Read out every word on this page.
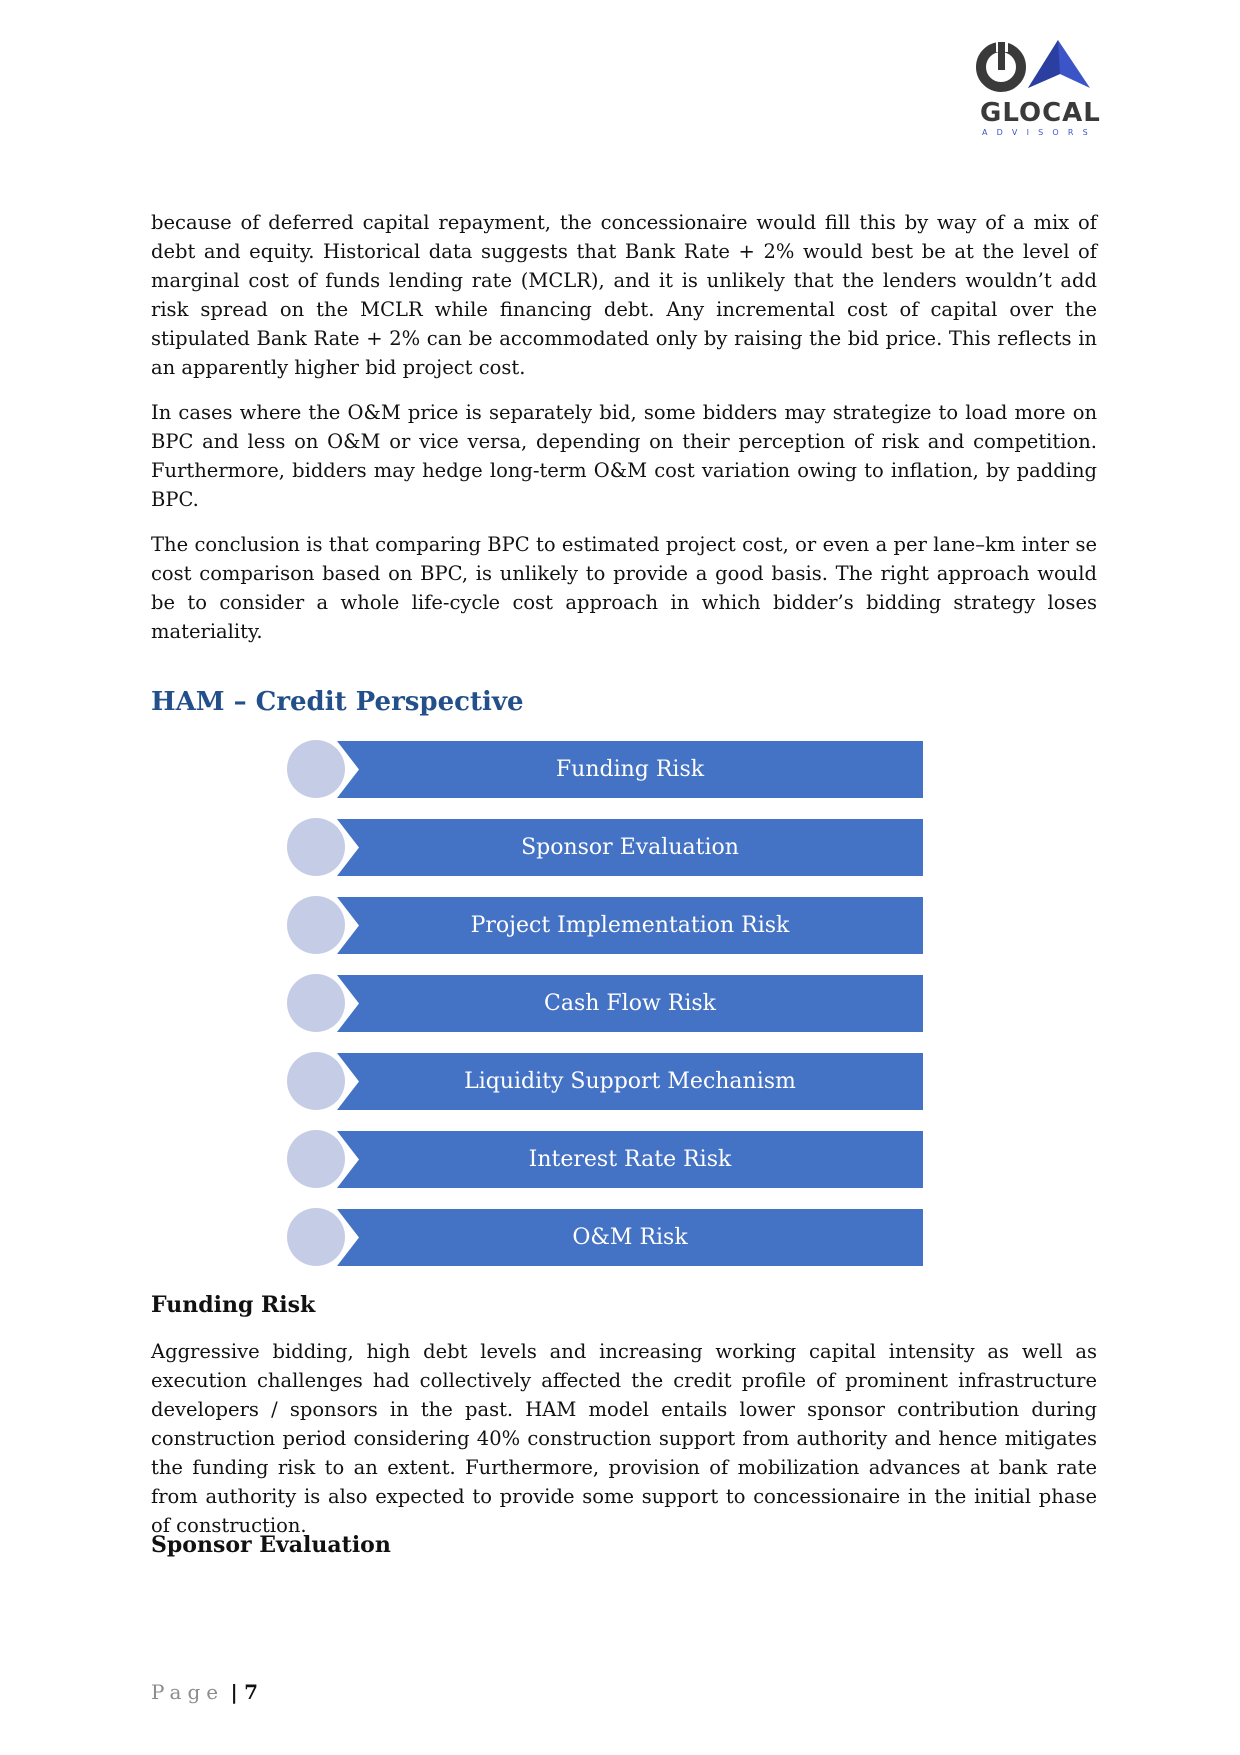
GLOCAL
ADVISORS

because of deferred capital repayment, the concessionaire would fill this by way of a mix of debt and equity. Historical data suggests that Bank Rate + 2% would best be at the level of marginal cost of funds lending rate (MCLR), and it is unlikely that the lenders wouldn’t add risk spread on the MCLR while financing debt. Any incremental cost of capital over the stipulated Bank Rate + 2% can be accommodated only by raising the bid price. This reflects in an apparently higher bid project cost.

In cases where the O&M price is separately bid, some bidders may strategize to load more on BPC and less on O&M or vice versa, depending on their perception of risk and competition. Furthermore, bidders may hedge long-term O&M cost variation owing to inflation, by padding BPC.

The conclusion is that comparing BPC to estimated project cost, or even a per lane–km inter se cost comparison based on BPC, is unlikely to provide a good basis. The right approach would be to consider a whole life-cycle cost approach in which bidder’s bidding strategy loses materiality.

HAM – Credit Perspective
Funding Risk
Sponsor Evaluation
Project Implementation Risk
Cash Flow Risk
Liquidity Support Mechanism
Interest Rate Risk
O&M Risk
Funding Risk

Aggressive bidding, high debt levels and increasing working capital intensity as well as execution challenges had collectively affected the credit profile of prominent infrastructure developers / sponsors in the past. HAM model entails lower sponsor contribution during construction period considering 40% construction support from authority and hence mitigates the funding risk to an extent. Furthermore, provision of mobilization advances at bank rate from authority is also expected to provide some support to concessionaire in the initial phase of construction.

Sponsor Evaluation
Page | 7
